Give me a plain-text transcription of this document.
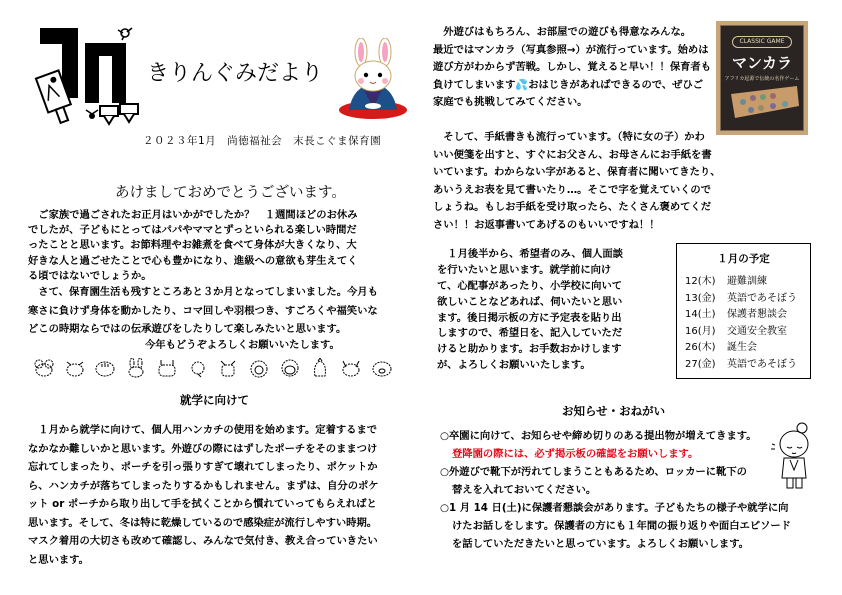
きりんぐみだより
２０２３年1月　尚徳福祉会　末長こぐま保育園
あけましておめでとうございます。
　ご家族で過ごされたお正月はいかがでしたか？　１週間ほどのお休み
でしたが、子どもにとってはパパやママとずっといられる楽しい時間だ
ったことと思います。お節料理やお雑煮を食べて身体が大きくなり、大
好きな人と過ごせたことで心も豊かになり、進級への意欲も芽生えてく
る頃ではないでしょうか。
　さて、保育園生活も残すところあと３か月となってしまいました。今月も
寒さに負けず身体を動かしたり、コマ回しや羽根つき、すごろくや福笑いな
どこの時期ならではの伝承遊びをしたりして楽しみたいと思います。
今年もどうぞよろしくお願いいたします。
就学に向けて
　１月から就学に向けて、個人用ハンカチの使用を始めます。定着するまで
なかなか難しいかと思います。外遊びの際にはずしたポーチをそのままつけ
忘れてしまったり、ポーチを引っ張りすぎて壊れてしまったり、ポケットか
ら、ハンカチが落ちてしまったりするかもしれません。まずは、自分のポケ
ット or ポーチから取り出して手を拭くことから慣れていってもらえればと
思います。そして、冬は特に乾燥しているので感染症が流行しやすい時期。
マスク着用の大切さも改めて確認し、みんなで気付き、教え合っていきたい
と思います。
　外遊びはもちろん、お部屋での遊びも得意なみんな。
最近ではマンカラ（写真参照→）が流行っています。始めは
遊び方がわからず苦戦。しかし、覚えると早い！！保育者も
負けてしまいます💦おはじきがあればできるので、ぜひご
家庭でも挑戦してみてください。
CLASSIC GAME
マンカラ
アフリカ起源で伝統の名作ゲーム
　そして、手紙書きも流行っています。（特に女の子）かわ
いい便箋を出すと、すぐにお父さん、お母さんにお手紙を書
いています。わからない字があると、保育者に聞いてきたり、
あいうえお表を見て書いたり…。そこで字を覚えていくので
しょうね。もしお手紙を受け取ったら、たくさん褒めてくだ
さい！！お返事書いてあげるのもいいですね！！
　１月後半から、希望者のみ、個人面談
を行いたいと思います。就学前に向け
て、心配事があったり、小学校に向いて
欲しいことなどあれば、伺いたいと思い
ます。後日掲示板の方に予定表を貼り出
しますので、希望日を、記入していただ
けると助かります。お手数おかけします
が、よろしくお願いいたします。
１月の予定
12(木)	避難訓練
13(金)	英語であそぼう
14(土)	保護者懇談会
16(月)	交通安全教室
26(木)	誕生会
27(金)	英語であそぼう
お知らせ・おねがい
○卒園に向けて、お知らせや締め切りのある提出物が増えてきます。
登降園の際には、必ず掲示板の確認をお願いします。
○外遊びで靴下が汚れてしまうこともあるため、ロッカーに靴下の
替えを入れておいてください。
○1 月 14 日(土)に保護者懇談会があります。子どもたちの様子や就学に向
けたお話しをします。保護者の方にも１年間の振り返りや面白エピソード
を話していただきたいと思っています。よろしくお願いします。
